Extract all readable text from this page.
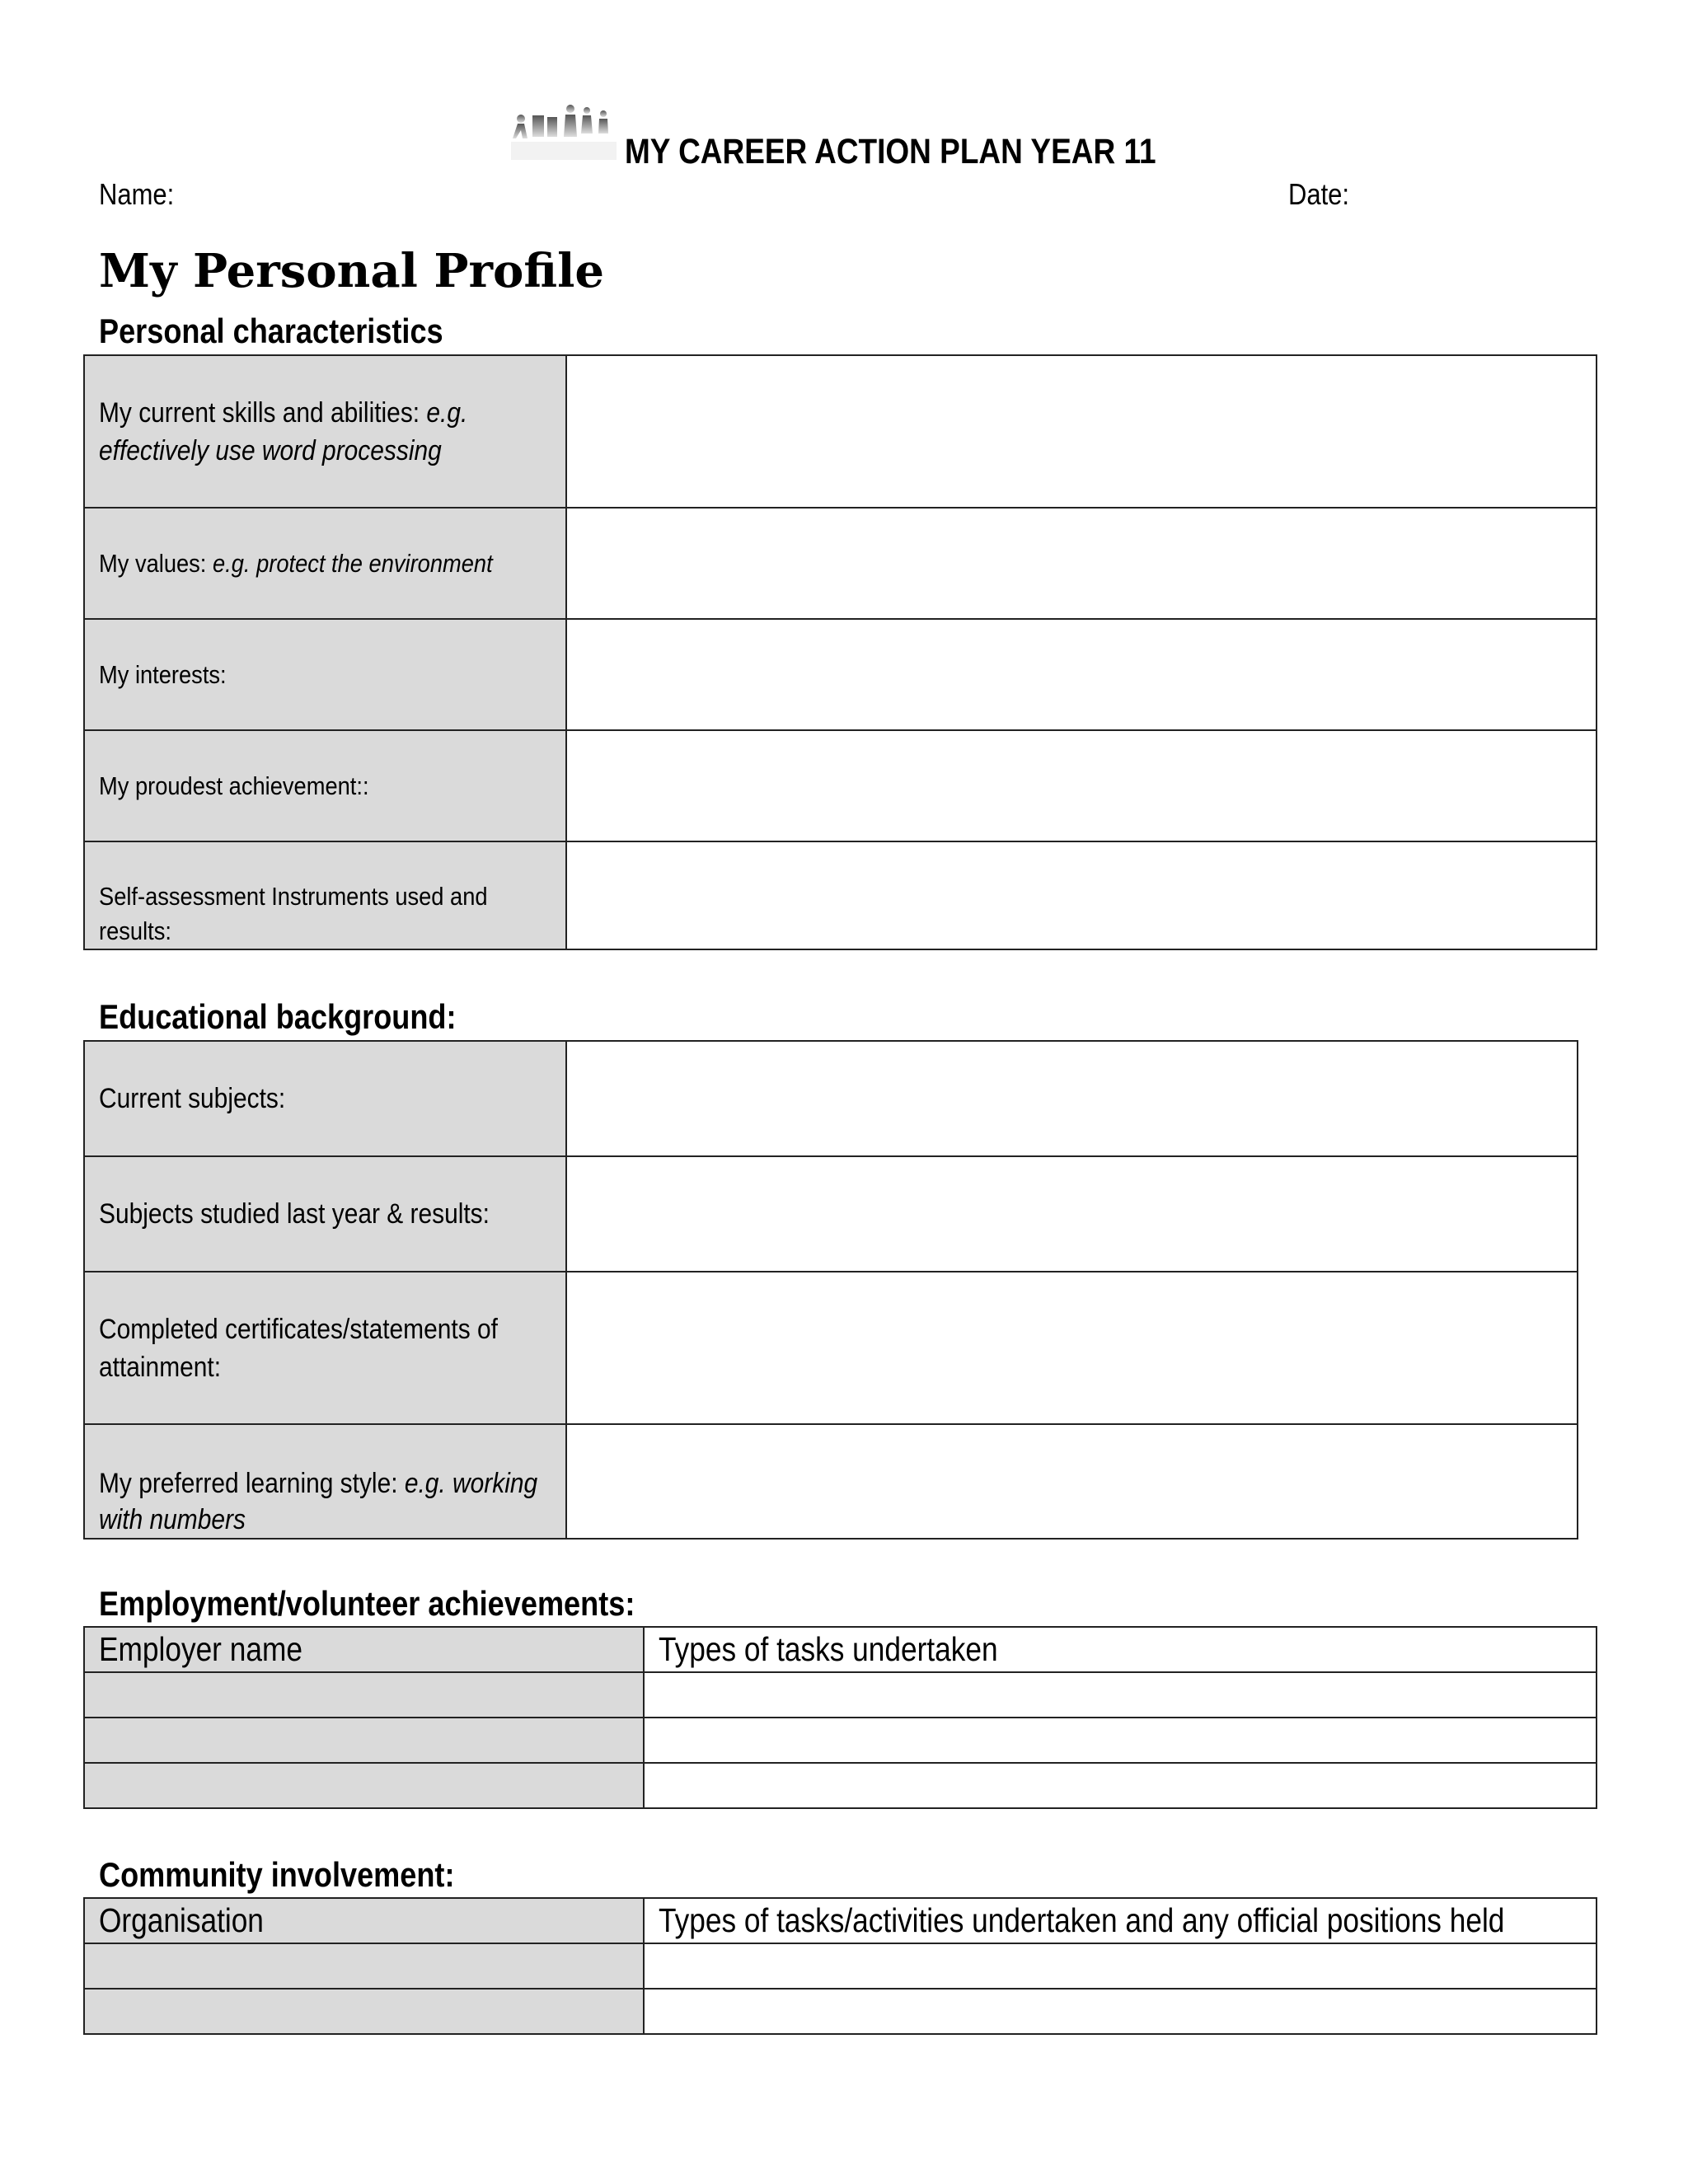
MY CAREER ACTION PLAN YEAR 11
Name:	Date:
My Personal Profile
Personal characteristics
My current skills and abilities: e.g. effectively use word processing	
My values: e.g. protect the environment	
My interests:	
My proudest achievement::	
Self-assessment Instruments used and results:	
Educational background:
Current subjects:	
Subjects studied last year & results:	
Completed certificates/statements of attainment:	
My preferred learning style: e.g. working with numbers	
Employment/volunteer achievements:
Employer name	Types of tasks undertaken

Community involvement:
Organisation	Types of tasks/activities undertaken and any official positions held
